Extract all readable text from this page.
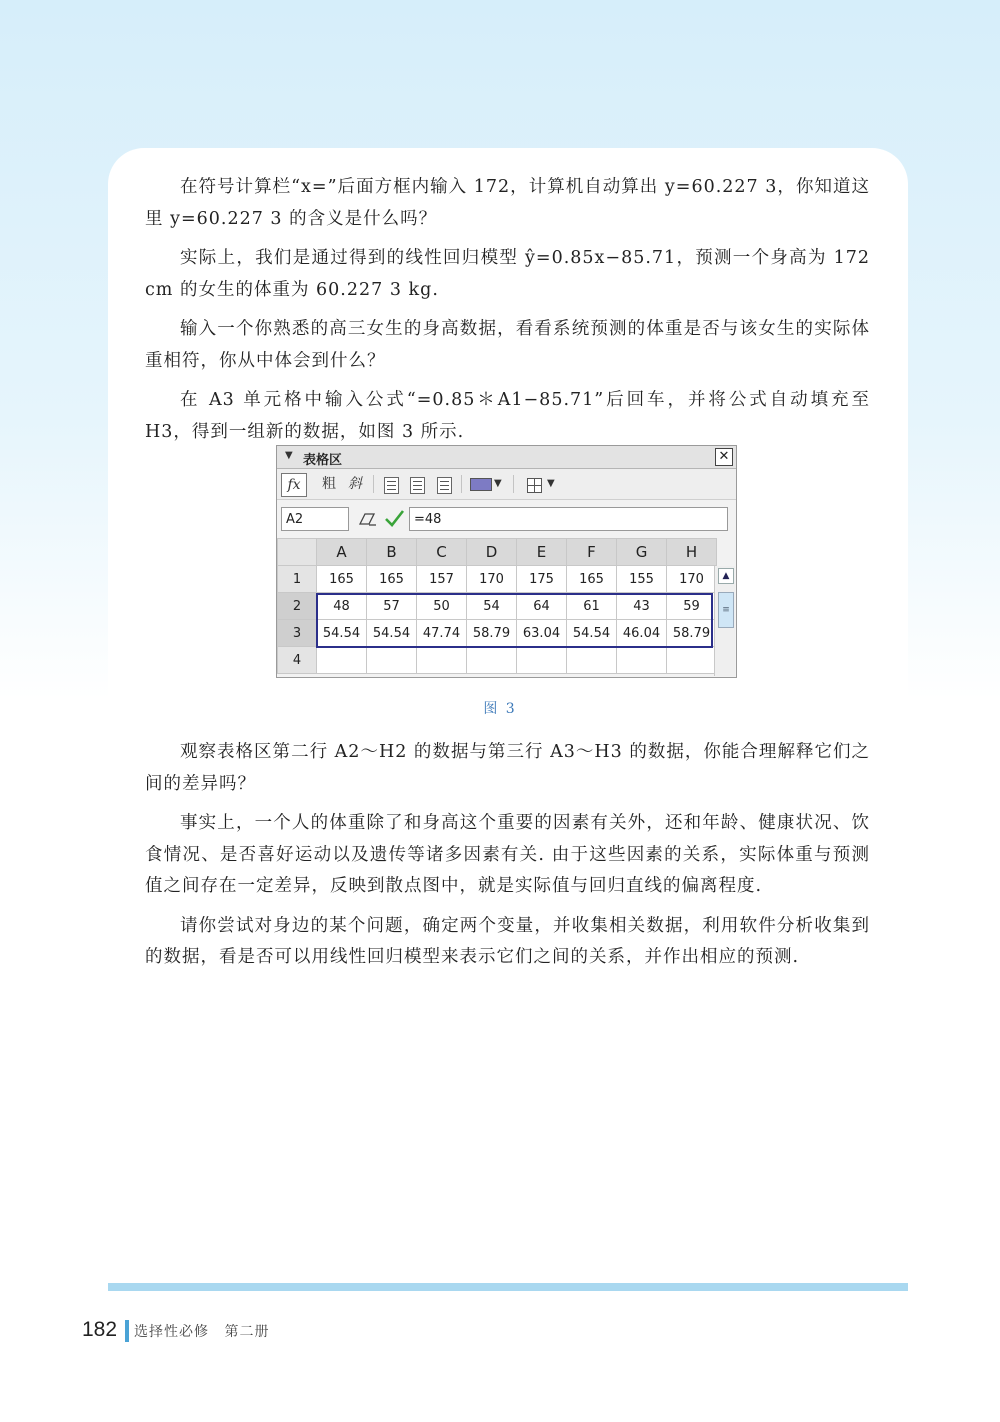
在符号计算栏“x=”后面方框内输入 172，计算机自动算出 y=60.227 3，你知道这里 y=60.227 3 的含义是什么吗？

实际上，我们是通过得到的线性回归模型 ŷ=0.85x−85.71，预测一个身高为 172 cm 的女生的体重为 60.227 3 kg.

输入一个你熟悉的高三女生的身高数据，看看系统预测的体重是否与该女生的实际体重相符，你从中体会到什么？

在 A3 单元格中输入公式“=0.85＊A1−85.71”后回车，并将公式自动填充至 H3，得到一组新的数据，如图 3 所示.

▼ 表格区	✕
fx	粗 斜	▼	▼
A2	=48
	A	B	C	D	E	F	G	H
1	165	165	157	170	175	165	155	170
2	48	57	50	54	64	61	43	59
3	54.54	54.54	47.74	58.79	63.04	54.54	46.04	58.79
4								
▲
≡
图 3

观察表格区第二行 A2～H2 的数据与第三行 A3～H3 的数据，你能合理解释它们之间的差异吗？

事实上，一个人的体重除了和身高这个重要的因素有关外，还和年龄、健康状况、饮食情况、是否喜好运动以及遗传等诸多因素有关. 由于这些因素的关系，实际体重与预测值之间存在一定差异，反映到散点图中，就是实际值与回归直线的偏离程度.

请你尝试对身边的某个问题，确定两个变量，并收集相关数据，利用软件分析收集到的数据，看是否可以用线性回归模型来表示它们之间的关系，并作出相应的预测.

182 选择性必修 第二册
